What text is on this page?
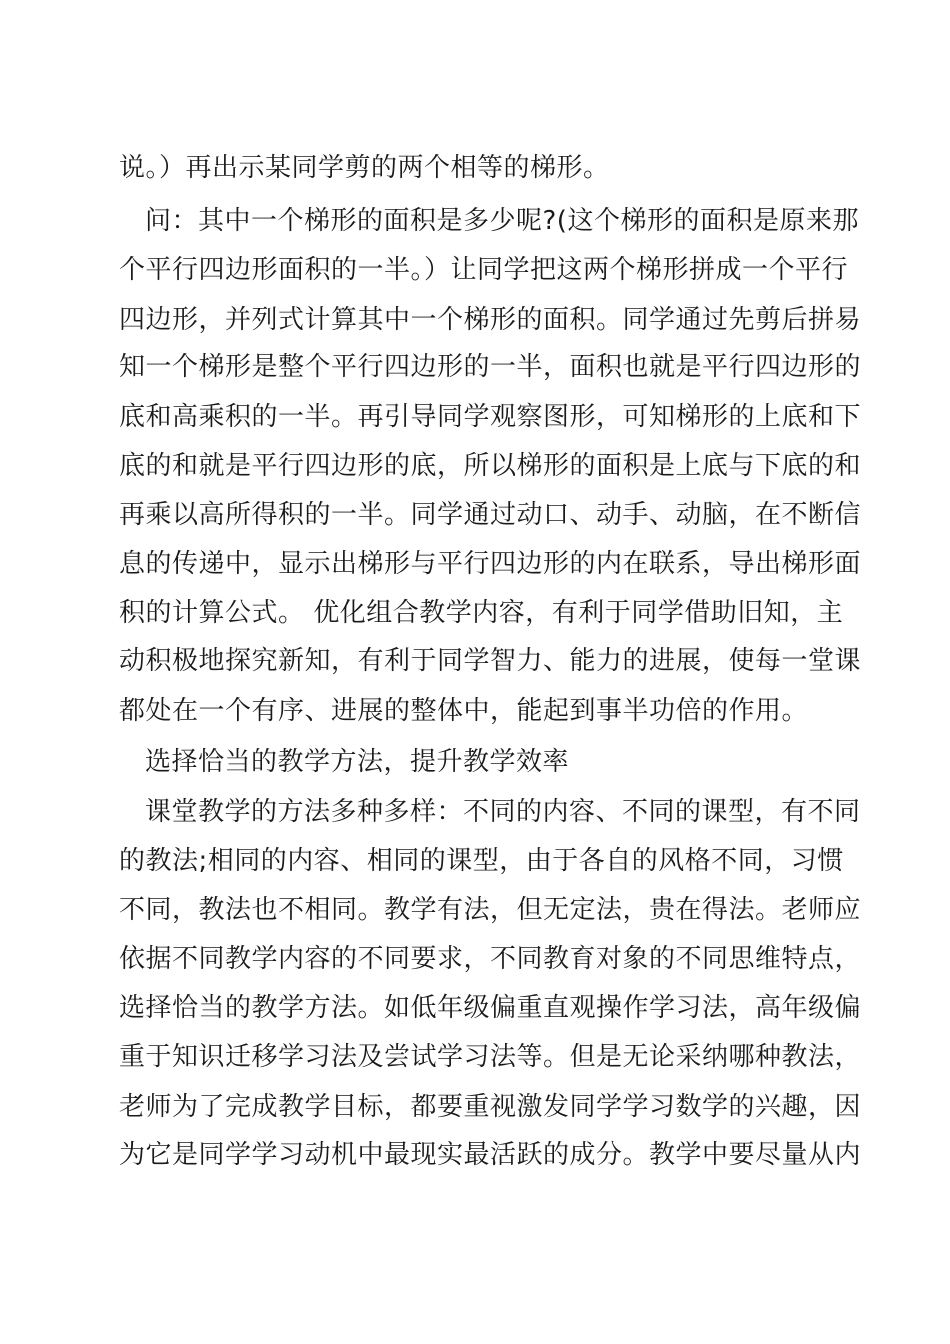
说。）再出示某同学剪的两个相等的梯形。
问：其中一个梯形的面积是多少呢?(这个梯形的面积是原来那
个平行四边形面积的一半。）让同学把这两个梯形拼成一个平行
四边形，并列式计算其中一个梯形的面积。同学通过先剪后拼易
知一个梯形是整个平行四边形的一半，面积也就是平行四边形的
底和高乘积的一半。再引导同学观察图形，可知梯形的上底和下
底的和就是平行四边形的底，所以梯形的面积是上底与下底的和
再乘以高所得积的一半。同学通过动口、动手、动脑，在不断信
息的传递中，显示出梯形与平行四边形的内在联系，导出梯形面
积的计算公式。 优化组合教学内容，有利于同学借助旧知，主
动积极地探究新知，有利于同学智力、能力的进展，使每一堂课
都处在一个有序、进展的整体中，能起到事半功倍的作用。
选择恰当的教学方法，提升教学效率
课堂教学的方法多种多样：不同的内容、不同的课型，有不同
的教法;相同的内容、相同的课型，由于各自的风格不同，习惯
不同，教法也不相同。教学有法，但无定法，贵在得法。老师应
依据不同教学内容的不同要求，不同教育对象的不同思维特点，
选择恰当的教学方法。如低年级偏重直观操作学习法，高年级偏
重于知识迁移学习法及尝试学习法等。但是无论采纳哪种教法，
老师为了完成教学目标，都要重视激发同学学习数学的兴趣，因
为它是同学学习动机中最现实最活跃的成分。教学中要尽量从内
